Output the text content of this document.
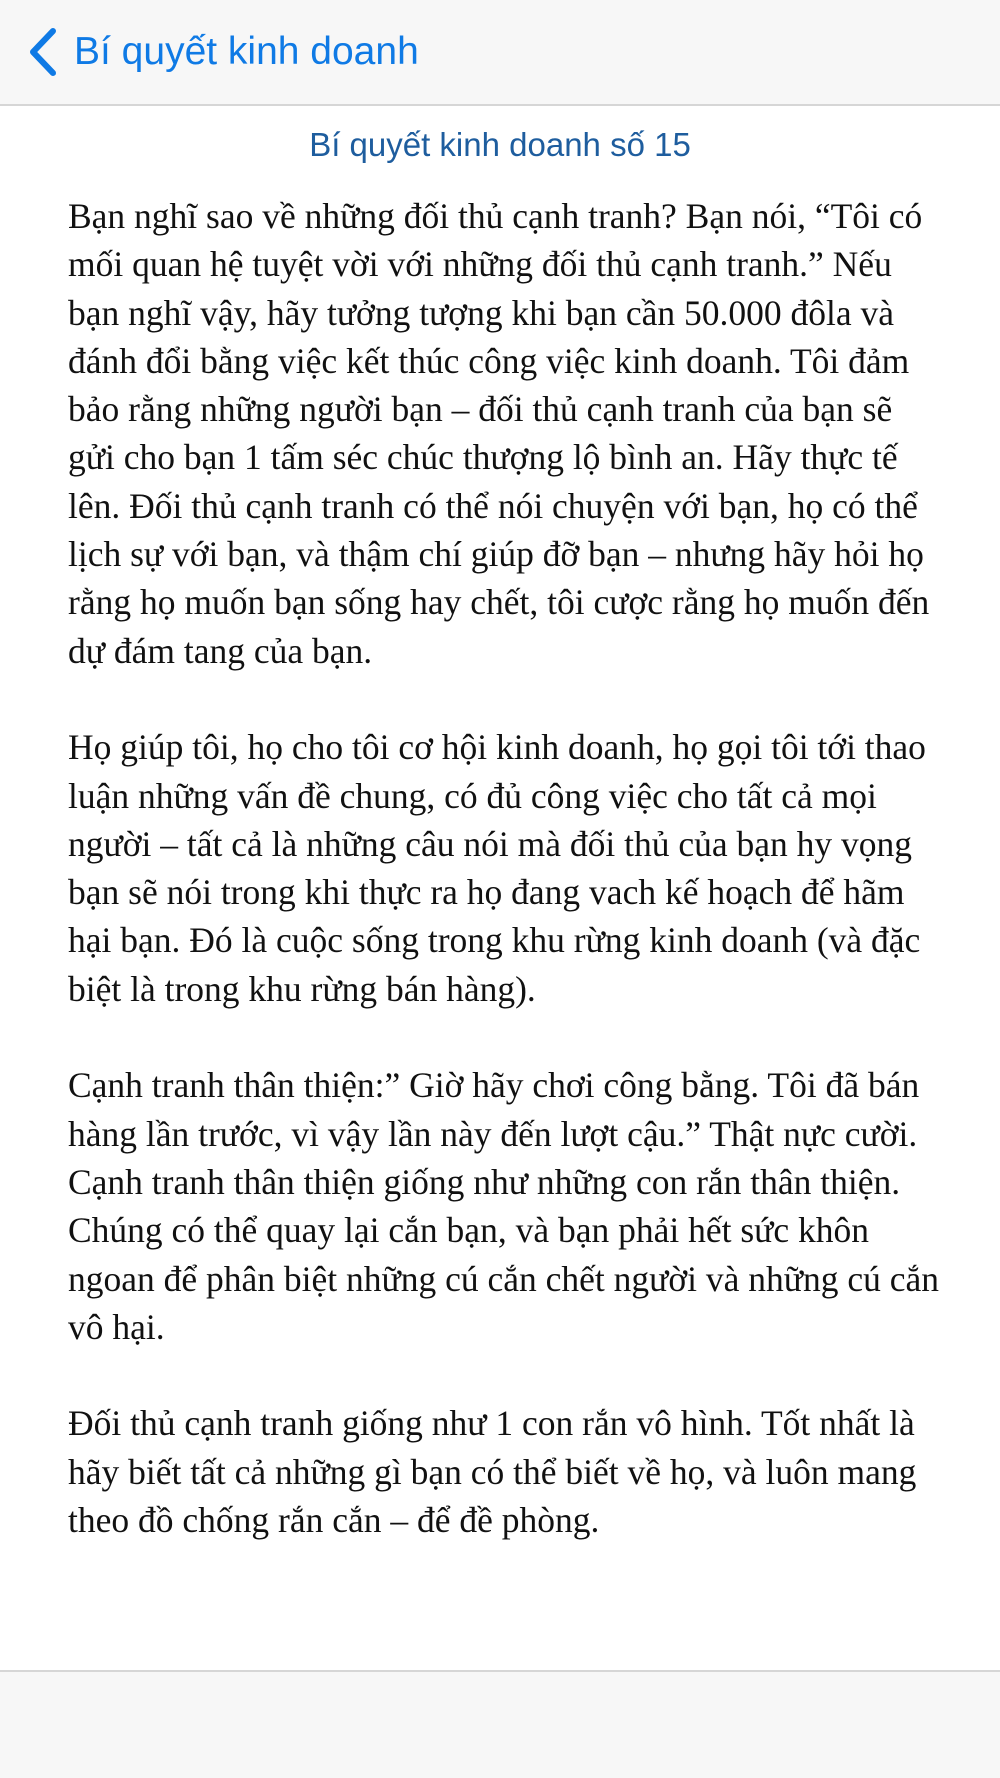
Bí quyết kinh doanh
Bí quyết kinh doanh số 15

Bạn nghĩ sao về những đối thủ cạnh tranh? Bạn nói, “Tôi có mối quan hệ tuyệt vời với những đối thủ cạnh tranh.” Nếu bạn nghĩ vậy, hãy tưởng tượng khi bạn cần 50.000 đôla và đánh đổi bằng việc kết thúc công việc kinh doanh. Tôi đảm bảo rằng những người bạn – đối thủ cạnh tranh của bạn sẽ gửi cho bạn 1 tấm séc chúc thượng lộ bình an. Hãy thực tế lên. Đối thủ cạnh tranh có thể nói chuyện với bạn, họ có thể lịch sự với bạn, và thậm chí giúp đỡ bạn – nhưng hãy hỏi họ rằng họ muốn bạn sống hay chết, tôi cược rằng họ muốn đến dự đám tang của bạn.

Họ giúp tôi, họ cho tôi cơ hội kinh doanh, họ gọi tôi tới thao luận những vấn đề chung, có đủ công việc cho tất cả mọi người – tất cả là những câu nói mà đối thủ của bạn hy vọng bạn sẽ nói trong khi thực ra họ đang vach kế hoạch để hãm hại bạn. Đó là cuộc sống trong khu rừng kinh doanh (và đặc biệt là trong khu rừng bán hàng).

Cạnh tranh thân thiện:” Giờ hãy chơi công bằng. Tôi đã bán hàng lần trước, vì vậy lần này đến lượt cậu.” Thật nực cười. Cạnh tranh thân thiện giống như những con rắn thân thiện. Chúng có thể quay lại cắn bạn, và bạn phải hết sức khôn ngoan để phân biệt những cú cắn chết người và những cú cắn vô hại.

Đối thủ cạnh tranh giống như 1 con rắn vô hình. Tốt nhất là hãy biết tất cả những gì bạn có thể biết về họ, và luôn mang theo đồ chống rắn cắn – để đề phòng.
